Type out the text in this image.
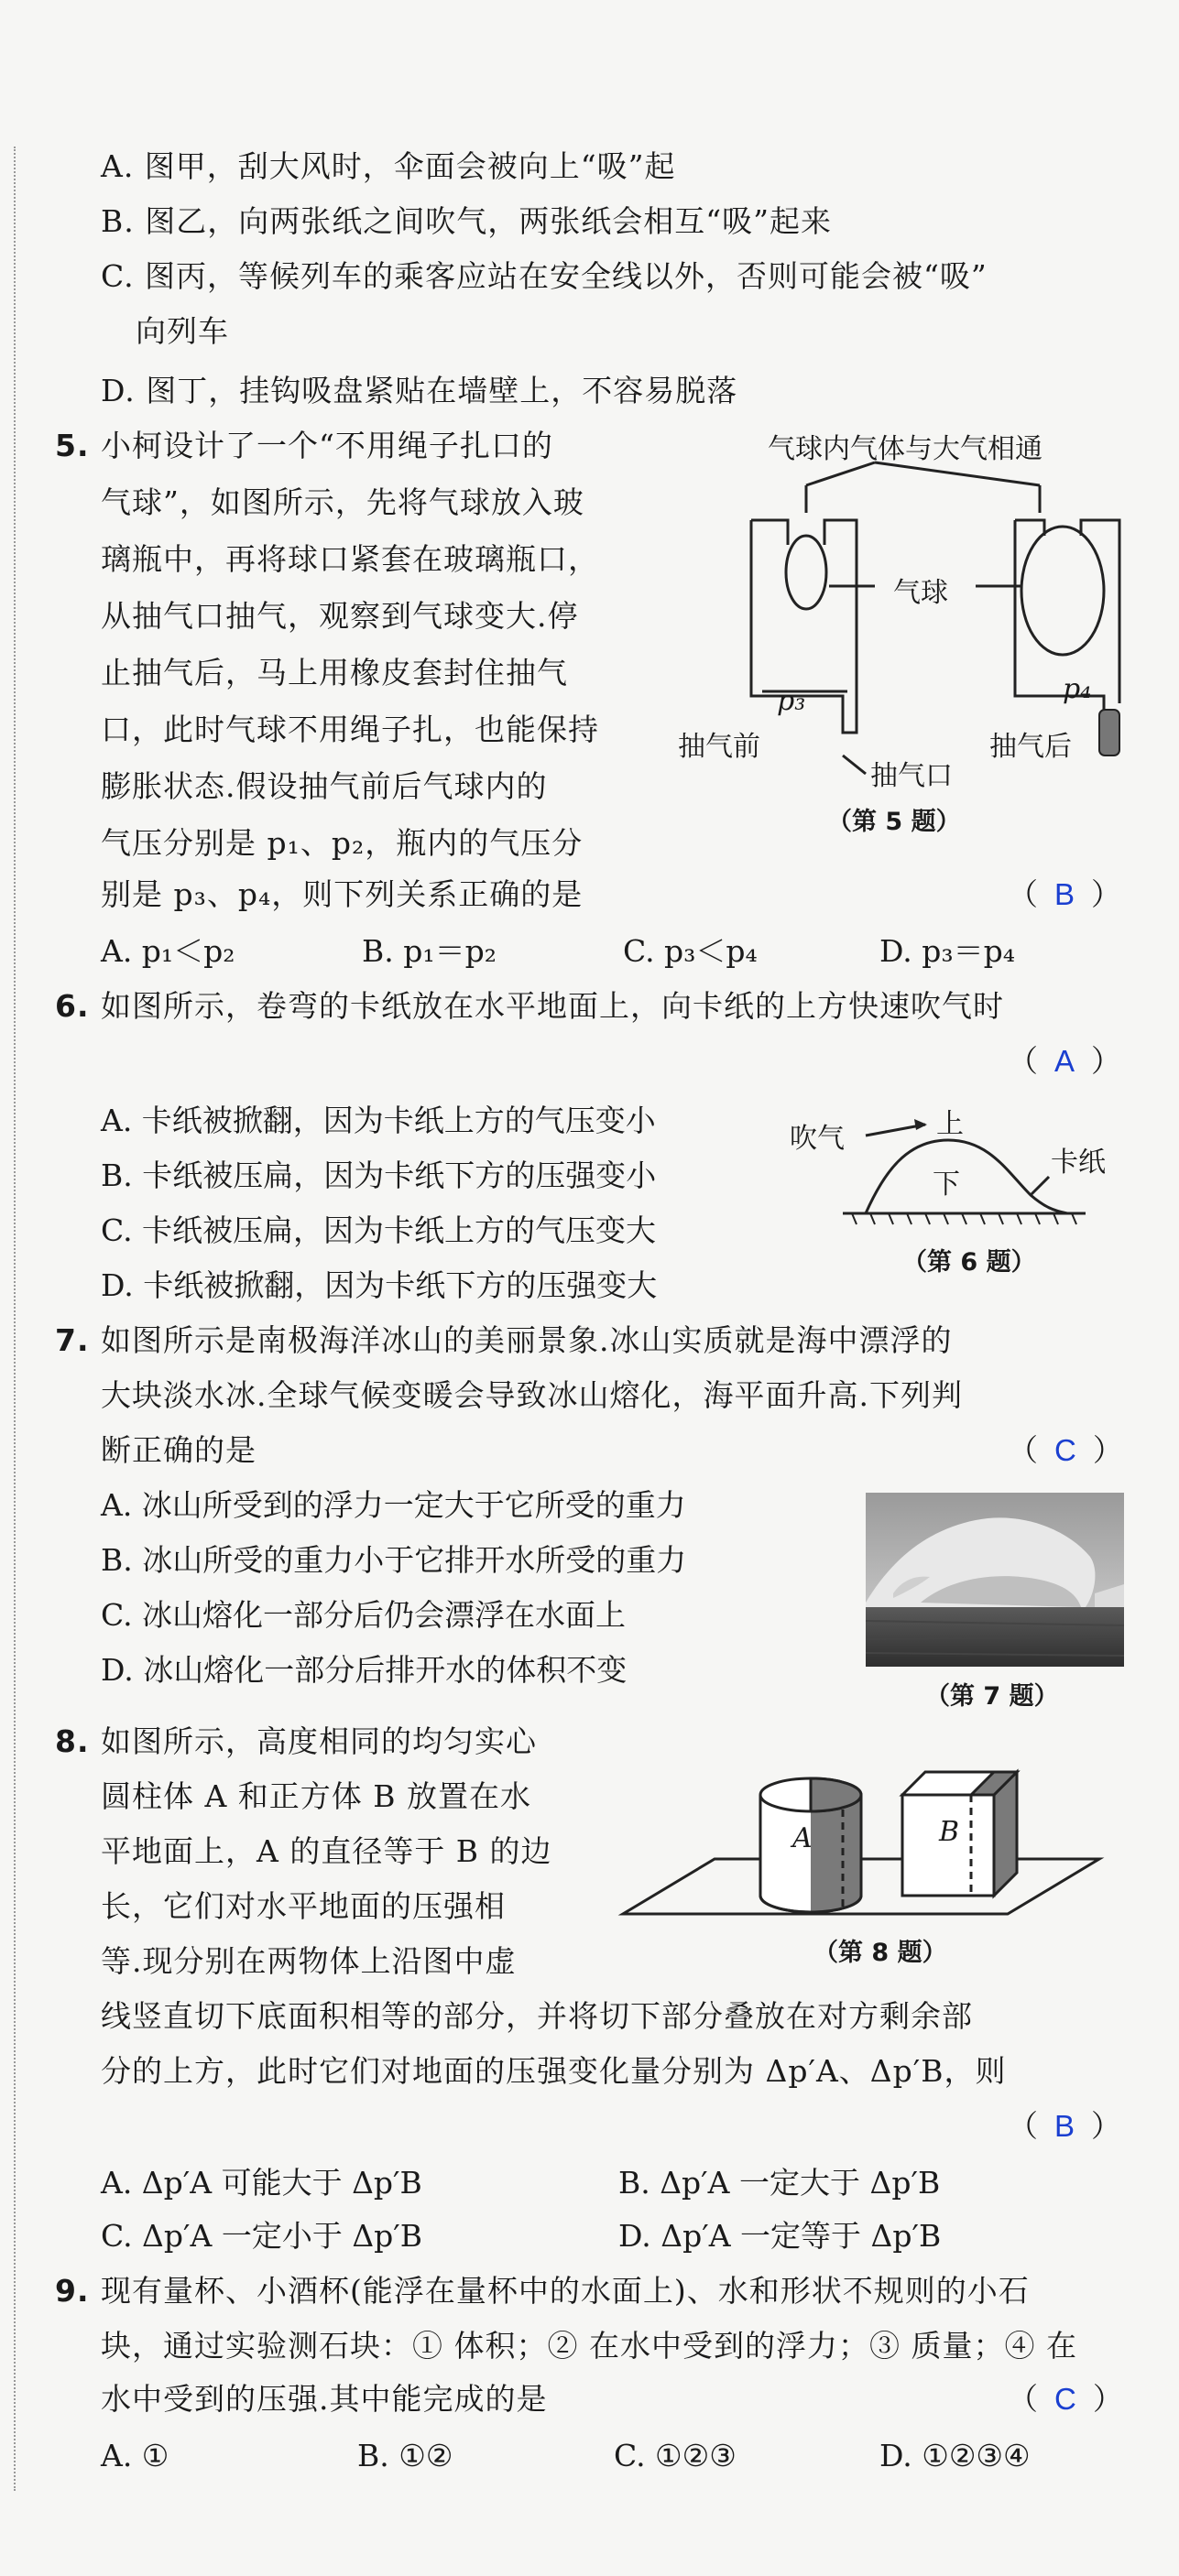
A. 图甲，刮大风时，伞面会被向上“吸”起
B. 图乙，向两张纸之间吹气，两张纸会相互“吸”起来
C. 图丙，等候列车的乘客应站在安全线以外，否则可能会被“吸”
向列车
D. 图丁，挂钩吸盘紧贴在墙壁上，不容易脱落
5. 小柯设计了一个“不用绳子扎口的
气球”，如图所示，先将气球放入玻
璃瓶中，再将球口紧套在玻璃瓶口，
从抽气口抽气，观察到气球变大.停
止抽气后，马上用橡皮套封住抽气
口，此时气球不用绳子扎，也能保持
膨胀状态.假设抽气前后气球内的
气压分别是 p₁、p₂，瓶内的气压分
别是 p₃、p₄，则下列关系正确的是	（ B ）
气球内气体与大气相通
气球
p₃	p₄
抽气前	抽气后
抽气口
（第 5 题）
A. p₁＜p₂	B. p₁＝p₂	C. p₃＜p₄	D. p₃＝p₄
6. 如图所示，卷弯的卡纸放在水平地面上，向卡纸的上方快速吹气时
（ A ）
A. 卡纸被掀翻，因为卡纸上方的气压变小
B. 卡纸被压扁，因为卡纸下方的压强变小
C. 卡纸被压扁，因为卡纸上方的气压变大
D. 卡纸被掀翻，因为卡纸下方的压强变大
吹气	上
下
卡纸
（第 6 题）
7. 如图所示是南极海洋冰山的美丽景象.冰山实质就是海中漂浮的
大块淡水冰.全球气候变暖会导致冰山熔化，海平面升高.下列判
断正确的是	（ C ）
A. 冰山所受到的浮力一定大于它所受的重力
B. 冰山所受的重力小于它排开水所受的重力
C. 冰山熔化一部分后仍会漂浮在水面上
D. 冰山熔化一部分后排开水的体积不变
（第 7 题）
8. 如图所示，高度相同的均匀实心
圆柱体 A 和正方体 B 放置在水
平地面上，A 的直径等于 B 的边
长，它们对水平地面的压强相
等.现分别在两物体上沿图中虚
线竖直切下底面积相等的部分，并将切下部分叠放在对方剩余部
分的上方，此时它们对地面的压强变化量分别为 Δp′A、Δp′B，则
（ B ）
A	B
（第 8 题）
A. Δp′A 可能大于 Δp′B	B. Δp′A 一定大于 Δp′B
C. Δp′A 一定小于 Δp′B	D. Δp′A 一定等于 Δp′B
9. 现有量杯、小酒杯(能浮在量杯中的水面上)、水和形状不规则的小石
块，通过实验测石块：① 体积；② 在水中受到的浮力；③ 质量；④ 在
水中受到的压强.其中能完成的是	（ C ）
A. ①	B. ①②	C. ①②③	D. ①②③④
